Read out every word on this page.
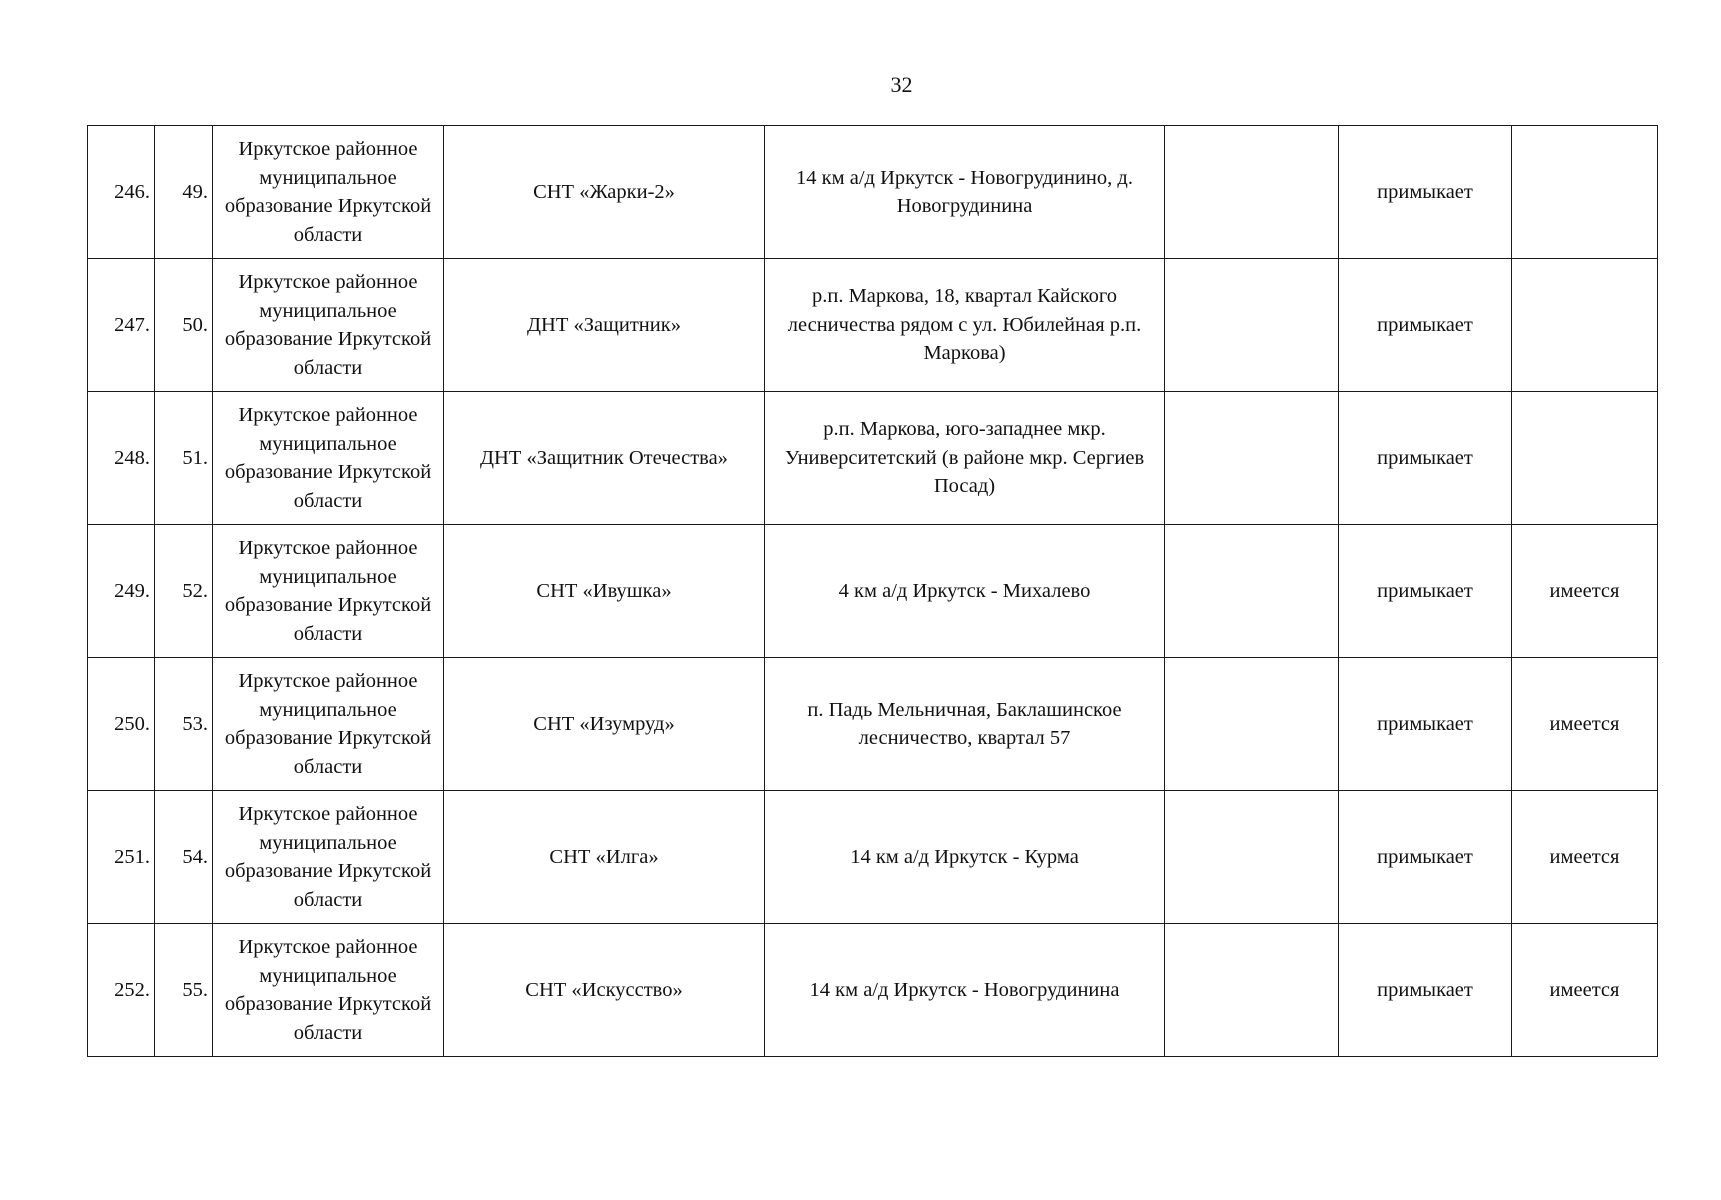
32
246.	49.	Иркутское районное муниципальное образование Иркутской области	СНТ «Жарки-2»	14 км а/д Иркутск - Новогрудинино, д. Новогрудинина		примыкает	
247.	50.	Иркутское районное муниципальное образование Иркутской области	ДНТ «Защитник»	р.п. Маркова, 18, квартал Кайского лесничества рядом с ул. Юбилейная р.п. Маркова)		примыкает	
248.	51.	Иркутское районное муниципальное образование Иркутской области	ДНТ «Защитник Отечества»	р.п. Маркова, юго-западнее мкр. Университетский (в районе мкр. Сергиев Посад)		примыкает	
249.	52.	Иркутское районное муниципальное образование Иркутской области	СНТ «Ивушка»	4 км а/д Иркутск - Михалево		примыкает	имеется
250.	53.	Иркутское районное муниципальное образование Иркутской области	СНТ «Изумруд»	п. Падь Мельничная, Баклашинское лесничество, квартал 57		примыкает	имеется
251.	54.	Иркутское районное муниципальное образование Иркутской области	СНТ «Илга»	14 км а/д Иркутск - Курма		примыкает	имеется
252.	55.	Иркутское районное муниципальное образование Иркутской области	СНТ «Искусство»	14 км а/д Иркутск - Новогрудинина		примыкает	имеется
